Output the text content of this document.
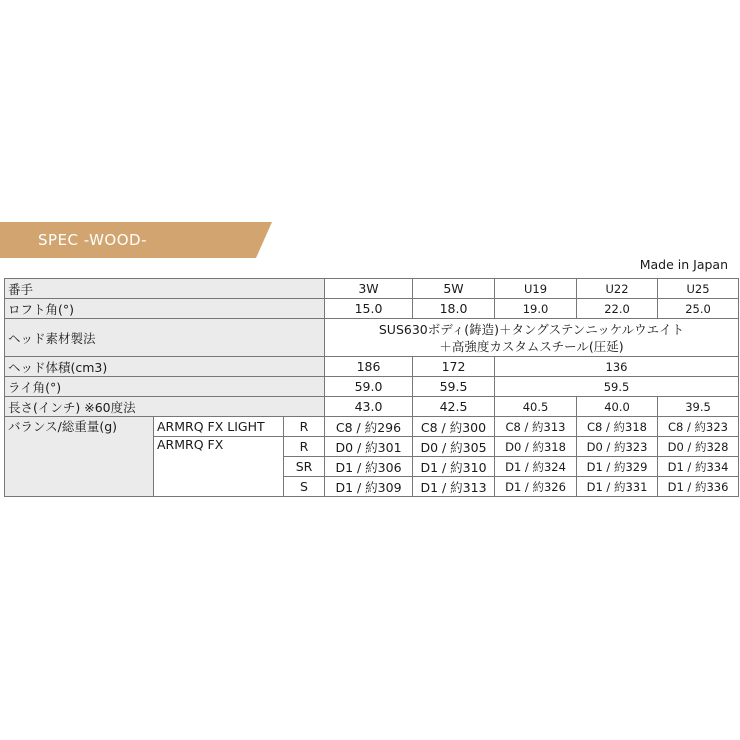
SPEC -WOOD-
Made in Japan
番手			3W	5W	U19	U22	U25
ロフト角(°)			15.0	18.0	19.0	22.0	25.0
ヘッド素材製法			SUS630ボディ(鋳造)＋タングステンニッケルウエイト
＋高強度カスタムスチール(圧延)				

ヘッド体積(cm3)			186	172	136		
ライ角(°)			59.0	59.5	59.5		
長さ(インチ) ※60度法			43.0	42.5	40.5	40.0	39.5
バランス/総重量(g)	ARMRQ FX LIGHT	R	C8 / 約296	C8 / 約300	C8 / 約313	C8 / 約318	C8 / 約323
	ARMRQ FX	R	D0 / 約301	D0 / 約305	D0 / 約318	D0 / 約323	D0 / 約328
		SR	D1 / 約306	D1 / 約310	D1 / 約324	D1 / 約329	D1 / 約334
		S	D1 / 約309	D1 / 約313	D1 / 約326	D1 / 約331	D1 / 約336
